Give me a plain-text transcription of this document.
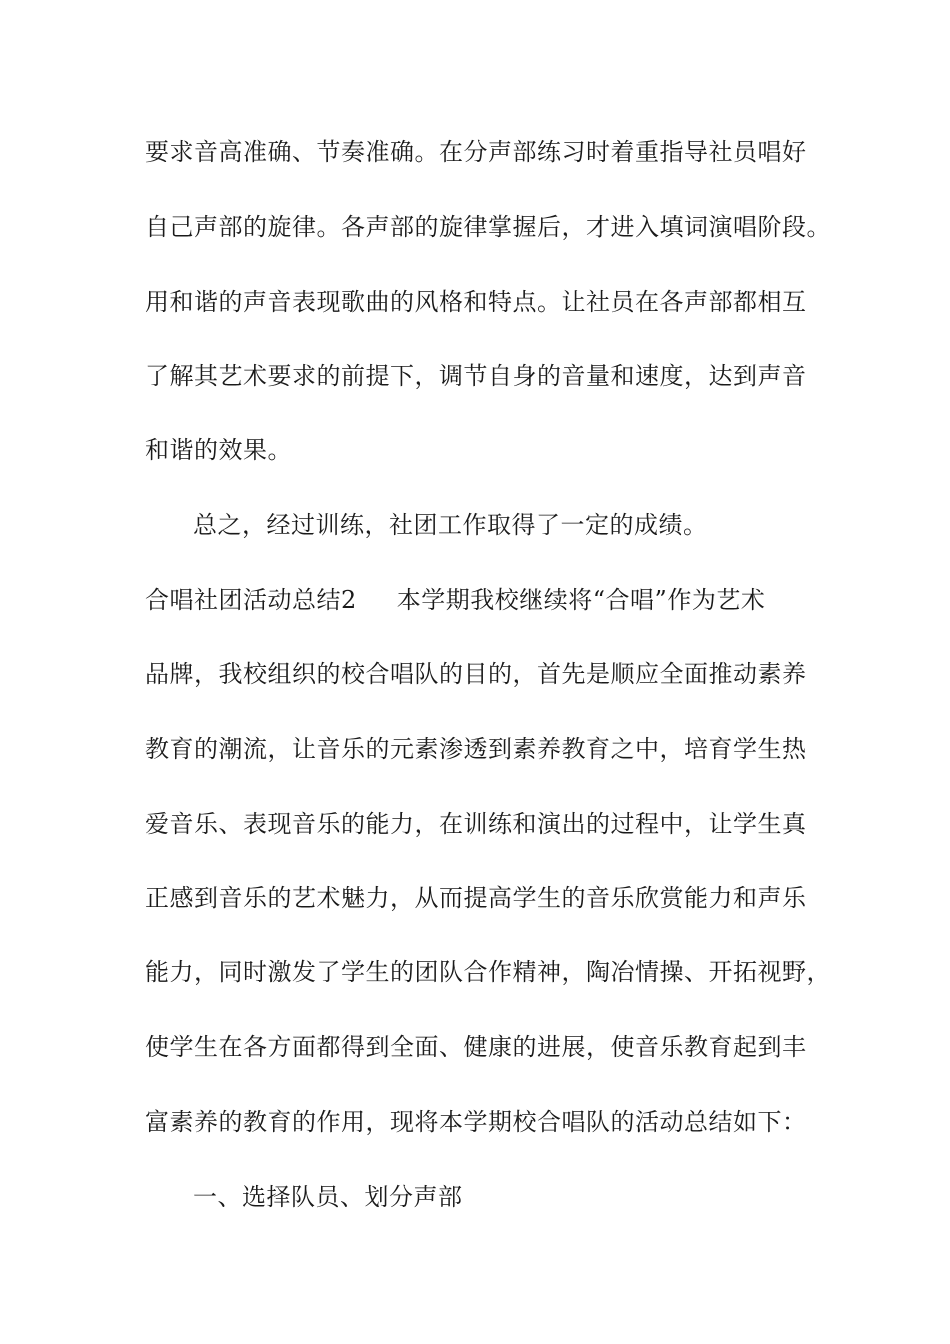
要求音高准确、节奏准确。在分声部练习时着重指导社员唱好

自己声部的旋律。各声部的旋律掌握后，才进入填词演唱阶段。

用和谐的声音表现歌曲的风格和特点。让社员在各声部都相互

了解其艺术要求的前提下，调节自身的音量和速度，达到声音

和谐的效果。

总之，经过训练，社团工作取得了一定的成绩。

合唱社团活动总结2 本学期我校继续将“合唱”作为艺术

品牌，我校组织的校合唱队的目的，首先是顺应全面推动素养

教育的潮流，让音乐的元素渗透到素养教育之中，培育学生热

爱音乐、表现音乐的能力，在训练和演出的过程中，让学生真

正感到音乐的艺术魅力，从而提高学生的音乐欣赏能力和声乐

能力，同时激发了学生的团队合作精神，陶冶情操、开拓视野，

使学生在各方面都得到全面、健康的进展，使音乐教育起到丰

富素养的教育的作用，现将本学期校合唱队的活动总结如下：

一、选择队员、划分声部
